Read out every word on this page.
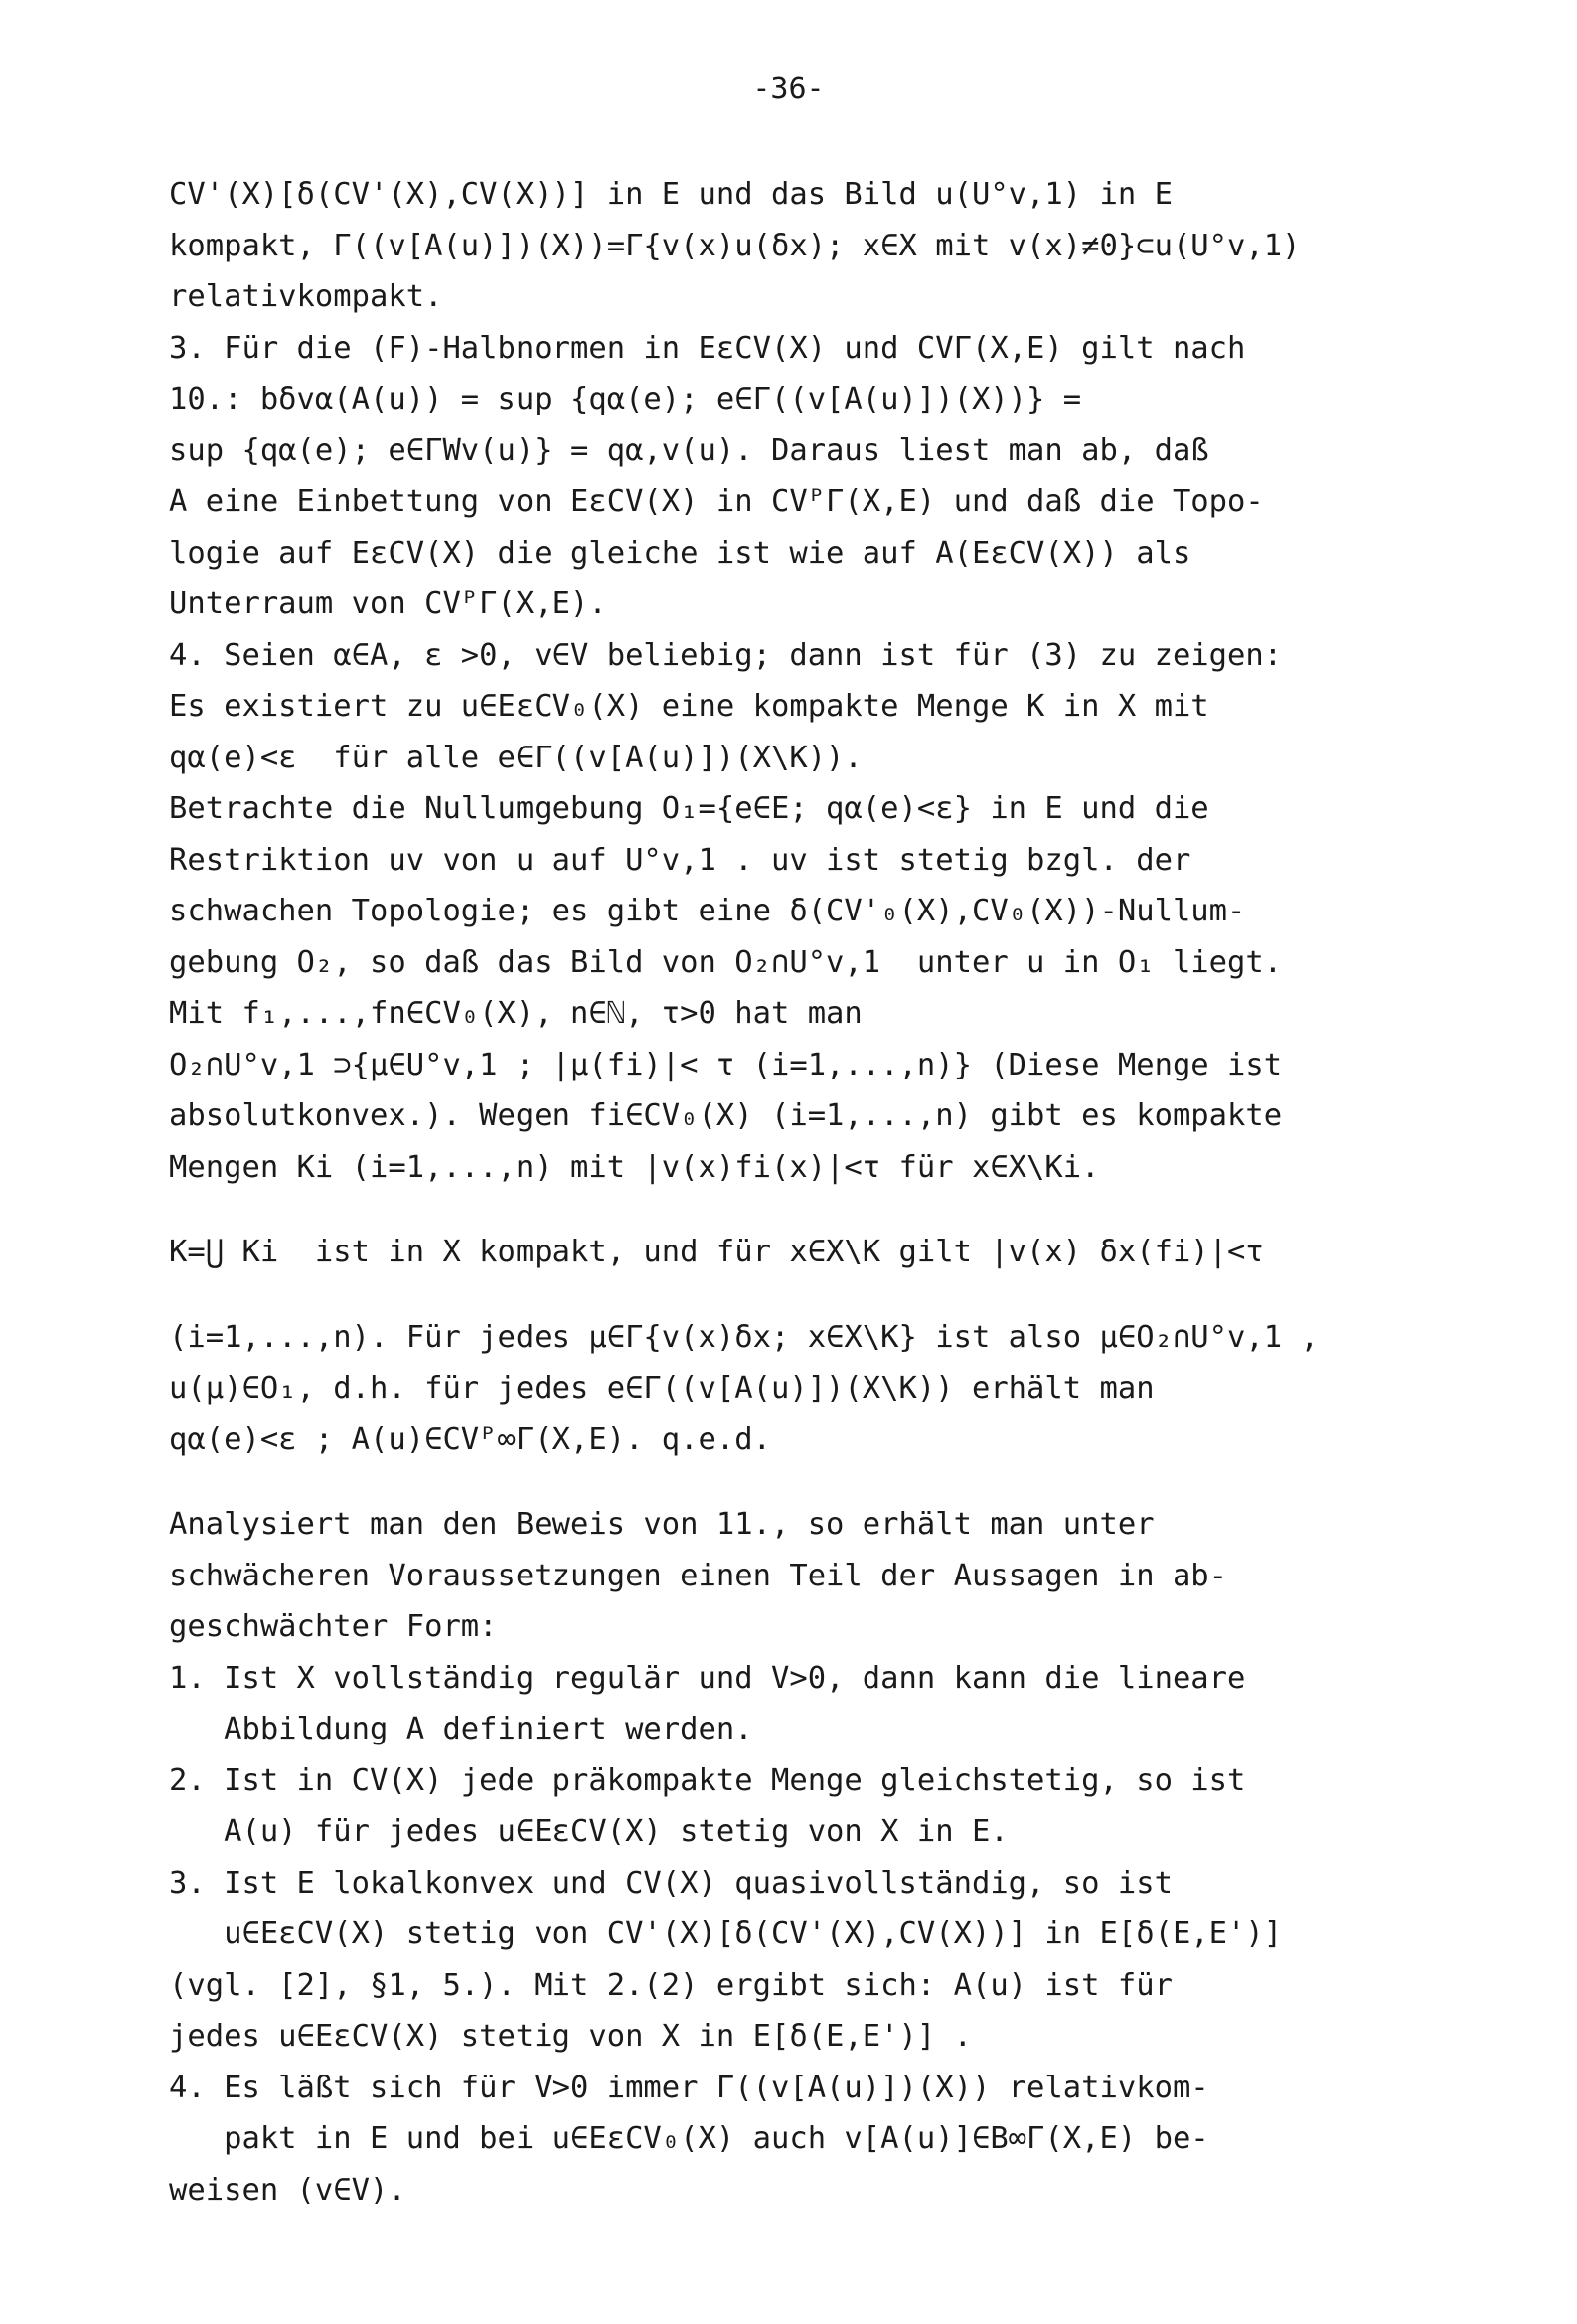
-36-
CV'(X)[δ(CV'(X),CV(X))] in E und das Bild u(U°v,1) in E
kompakt, Γ((v[A(u)])(X))=Γ{v(x)u(δx); x∈X mit v(x)≠0}⊂u(U°v,1)
relativkompakt.
3. Für die (F)-Halbnormen in EεCV(X) und CVΓ(X,E) gilt nach
10.: bδvα(A(u)) = sup {qα(e); e∈Γ((v[A(u)])(X))} =
sup {qα(e); e∈ΓWv(u)} = qα,v(u). Daraus liest man ab, daß
A eine Einbettung von EεCV(X) in CVᴾΓ(X,E) und daß die Topo-
logie auf EεCV(X) die gleiche ist wie auf A(EεCV(X)) als
Unterraum von CVᴾΓ(X,E).
4. Seien α∈A, ε >0, v∈V beliebig; dann ist für (3) zu zeigen:
Es existiert zu u∈EεCV₀(X) eine kompakte Menge K in X mit
qα(e)<ε  für alle e∈Γ((v[A(u)])(X\K)).
Betrachte die Nullumgebung O₁={e∈E; qα(e)<ε} in E und die
Restriktion uv von u auf U°v,1 . uv ist stetig bzgl. der
schwachen Topologie; es gibt eine δ(CV'₀(X),CV₀(X))-Nullum-
gebung O₂, so daß das Bild von O₂∩U°v,1  unter u in O₁ liegt.
Mit f₁,...,fn∈CV₀(X), n∈ℕ, τ>0 hat man
O₂∩U°v,1 ⊃{μ∈U°v,1 ; |μ(fi)|< τ (i=1,...,n)} (Diese Menge ist
absolutkonvex.). Wegen fi∈CV₀(X) (i=1,...,n) gibt es kompakte
Mengen Ki (i=1,...,n) mit |v(x)fi(x)|<τ für x∈X\Ki.
K=⋃ Ki  ist in X kompakt, und für x∈X\K gilt |v(x) δx(fi)|<τ
(i=1,...,n). Für jedes μ∈Γ{v(x)δx; x∈X\K} ist also μ∈O₂∩U°v,1 ,
u(μ)∈O₁, d.h. für jedes e∈Γ((v[A(u)])(X\K)) erhält man
qα(e)<ε ; A(u)∈CVᴾ∞Γ(X,E). q.e.d.
Analysiert man den Beweis von 11., so erhält man unter
schwächeren Voraussetzungen einen Teil der Aussagen in ab-
geschwächter Form:
1. Ist X vollständig regulär und V>0, dann kann die lineare
Abbildung A definiert werden.
2. Ist in CV(X) jede präkompakte Menge gleichstetig, so ist
A(u) für jedes u∈EεCV(X) stetig von X in E.
3. Ist E lokalkonvex und CV(X) quasivollständig, so ist
u∈EεCV(X) stetig von CV'(X)[δ(CV'(X),CV(X))] in E[δ(E,E')]
(vgl. [2], §1, 5.). Mit 2.(2) ergibt sich: A(u) ist für
jedes u∈EεCV(X) stetig von X in E[δ(E,E')] .
4. Es läßt sich für V>0 immer Γ((v[A(u)])(X)) relativkom-
pakt in E und bei u∈EεCV₀(X) auch v[A(u)]∈B∞Γ(X,E) be-
weisen (v∈V).
